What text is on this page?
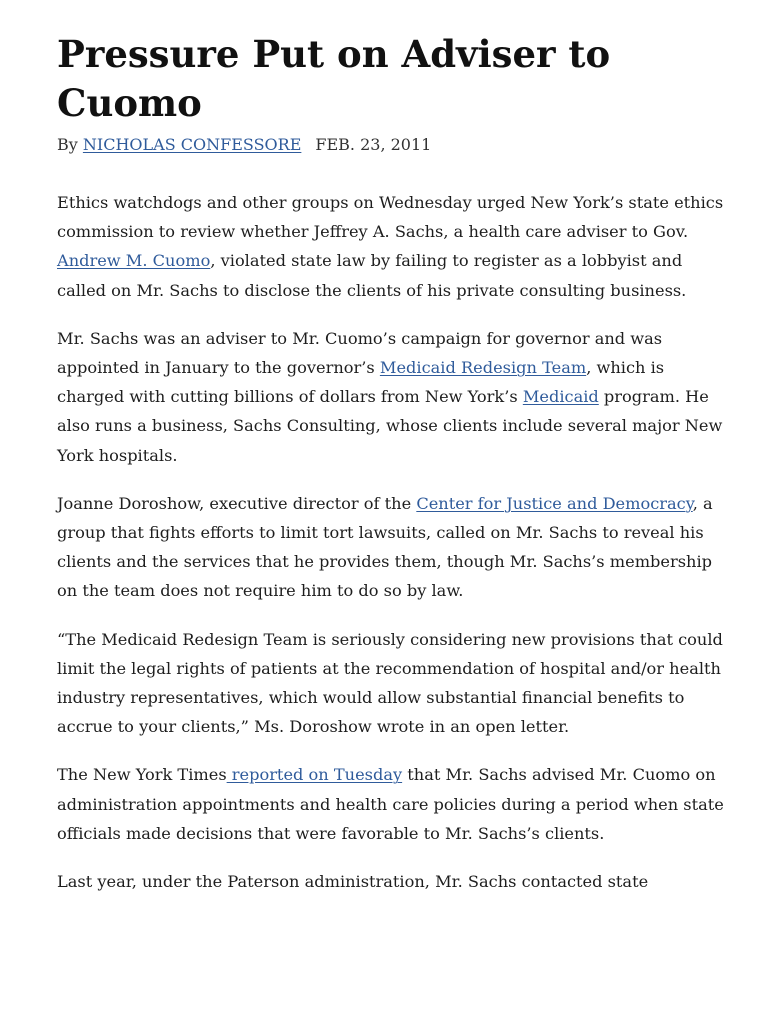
Pressure Put on Adviser to Cuomo
By NICHOLAS CONFESSORE FEB. 23, 2011

Ethics watchdogs and other groups on Wednesday urged New York’s state ethics commission to review whether Jeffrey A. Sachs, a health care adviser to Gov. Andrew M. Cuomo, violated state law by failing to register as a lobbyist and called on Mr. Sachs to disclose the clients of his private consulting business.

Mr. Sachs was an adviser to Mr. Cuomo’s campaign for governor and was appointed in January to the governor’s Medicaid Redesign Team, which is charged with cutting billions of dollars from New York’s Medicaid program. He also runs a business, Sachs Consulting, whose clients include several major New York hospitals.

Joanne Doroshow, executive director of the Center for Justice and Democracy, a group that fights efforts to limit tort lawsuits, called on Mr. Sachs to reveal his clients and the services that he provides them, though Mr. Sachs’s membership on the team does not require him to do so by law.

“The Medicaid Redesign Team is seriously considering new provisions that could limit the legal rights of patients at the recommendation of hospital and/or health industry representatives, which would allow substantial financial benefits to accrue to your clients,” Ms. Doroshow wrote in an open letter.

The New York Times reported on Tuesday that Mr. Sachs advised Mr. Cuomo on administration appointments and health care policies during a period when state officials made decisions that were favorable to Mr. Sachs’s clients.

Last year, under the Paterson administration, Mr. Sachs contacted state
